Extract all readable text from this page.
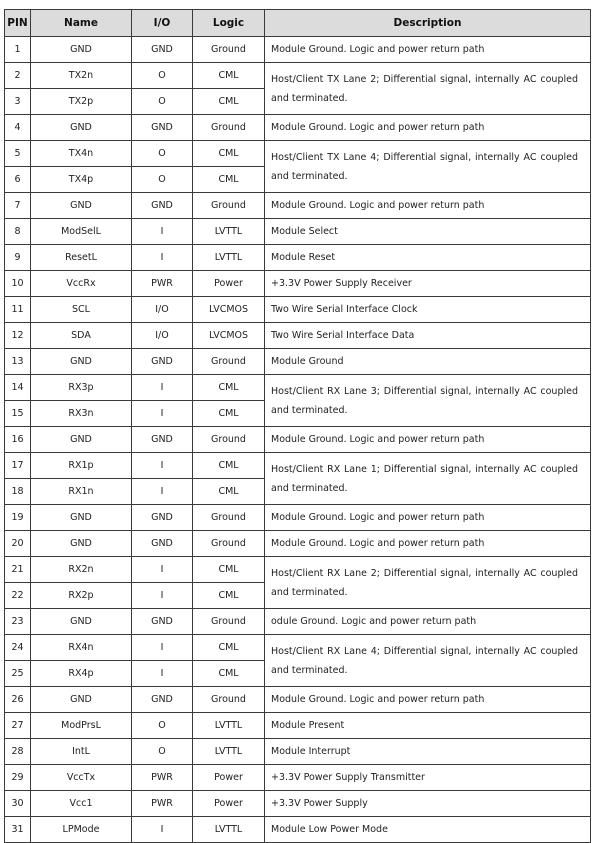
PIN	Name	I/O	Logic	Description
1	GND	GND	Ground	Module Ground. Logic and power return path
2	TX2n	O	CML	Host/Client TX Lane 2; Differential signal, internally AC coupled and terminated.
3	TX2p	O	CML	
4	GND	GND	Ground	Module Ground. Logic and power return path
5	TX4n	O	CML	Host/Client TX Lane 4; Differential signal, internally AC coupled and terminated.
6	TX4p	O	CML	
7	GND	GND	Ground	Module Ground. Logic and power return path
8	ModSelL	I	LVTTL	Module Select
9	ResetL	I	LVTTL	Module Reset
10	VccRx	PWR	Power	+3.3V Power Supply Receiver
11	SCL	I/O	LVCMOS	Two Wire Serial Interface Clock
12	SDA	I/O	LVCMOS	Two Wire Serial Interface Data
13	GND	GND	Ground	Module Ground
14	RX3p	I	CML	Host/Client RX Lane 3; Differential signal, internally AC coupled and terminated.
15	RX3n	I	CML	
16	GND	GND	Ground	Module Ground. Logic and power return path
17	RX1p	I	CML	Host/Client RX Lane 1; Differential signal, internally AC coupled and terminated.
18	RX1n	I	CML	
19	GND	GND	Ground	Module Ground. Logic and power return path
20	GND	GND	Ground	Module Ground. Logic and power return path
21	RX2n	I	CML	Host/Client RX Lane 2; Differential signal, internally AC coupled and terminated.
22	RX2p	I	CML	
23	GND	GND	Ground	odule Ground. Logic and power return path
24	RX4n	I	CML	Host/Client RX Lane 4; Differential signal, internally AC coupled and terminated.
25	RX4p	I	CML	
26	GND	GND	Ground	Module Ground. Logic and power return path
27	ModPrsL	O	LVTTL	Module Present
28	IntL	O	LVTTL	Module Interrupt
29	VccTx	PWR	Power	+3.3V Power Supply Transmitter
30	Vcc1	PWR	Power	+3.3V Power Supply
31	LPMode	I	LVTTL	Module Low Power Mode
